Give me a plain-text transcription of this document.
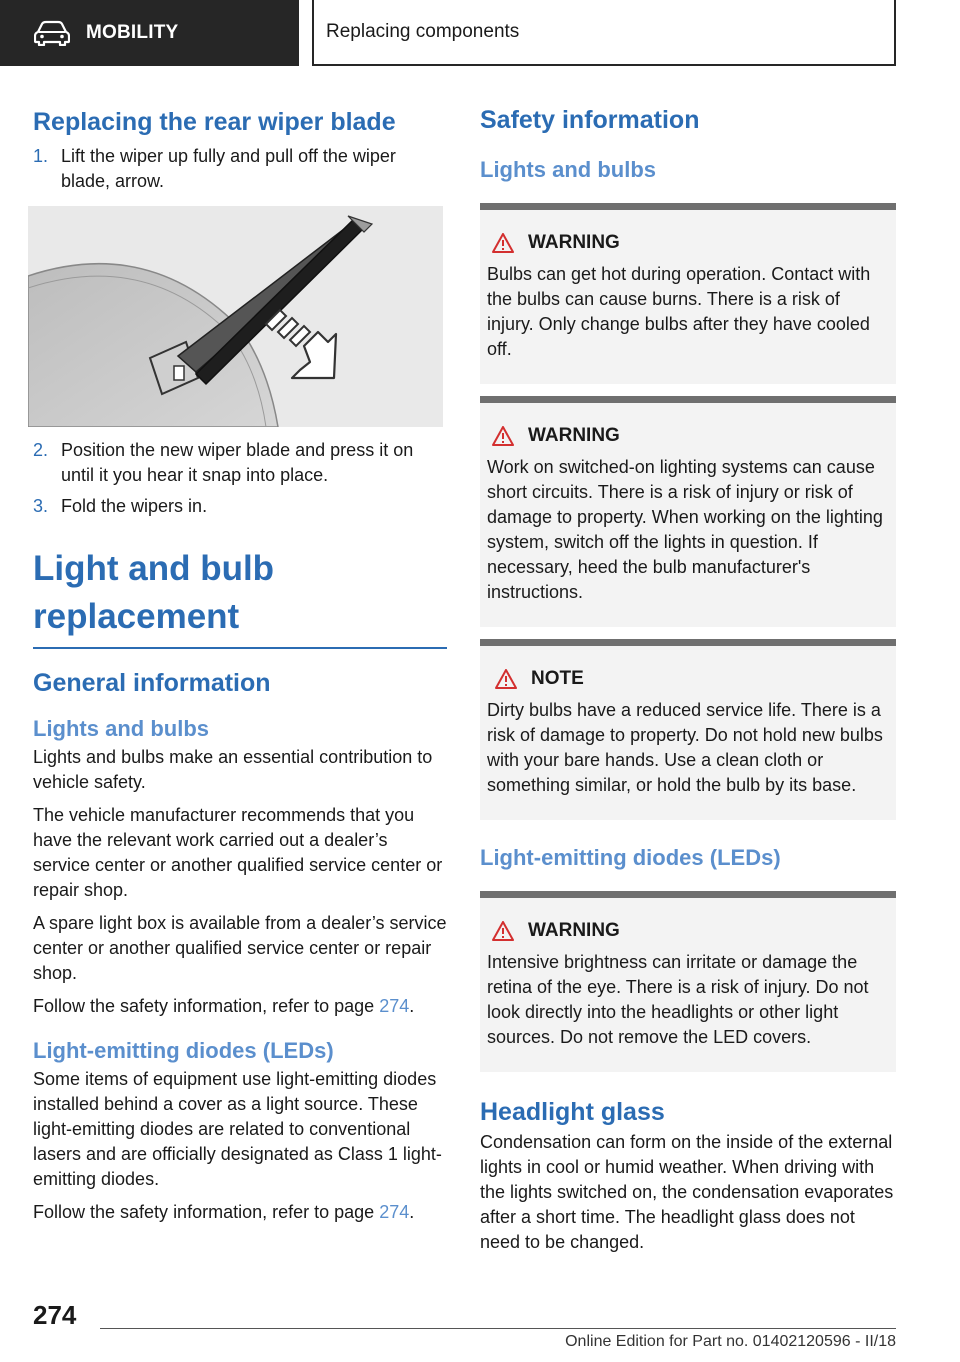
MOBILITY	Replacing components
Replacing the rear wiper blade
1. Lift the wiper up fully and pull off the wiper blade, arrow.
2. Position the new wiper blade and press it on until it you hear it snap into place.
3. Fold the wipers in.
Light and bulb replacement
General information
Lights and bulbs

Lights and bulbs make an essential contribution to vehicle safety.

The vehicle manufacturer recommends that you have the relevant work carried out a dealer’s service center or another qualified service center or repair shop.

A spare light box is available from a dealer’s service center or another qualified service center or repair shop.

Follow the safety information, refer to page 274.

Light-emitting diodes (LEDs)

Some items of equipment use light-emitting diodes installed behind a cover as a light source. These light-emitting diodes are related to conventional lasers and are officially designated as Class 1 light-emitting diodes.

Follow the safety information, refer to page 274.

Safety information
Lights and bulbs
WARNING

Bulbs can get hot during operation. Contact with the bulbs can cause burns. There is a risk of injury. Only change bulbs after they have cooled off.

WARNING

Work on switched-on lighting systems can cause short circuits. There is a risk of injury or risk of damage to property. When working on the lighting system, switch off the lights in question. If necessary, heed the bulb manufacturer's instructions.

NOTE

Dirty bulbs have a reduced service life. There is a risk of damage to property. Do not hold new bulbs with your bare hands. Use a clean cloth or something similar, or hold the bulb by its base.

Light-emitting diodes (LEDs)
WARNING

Intensive brightness can irritate or damage the retina of the eye. There is a risk of injury. Do not look directly into the headlights or other light sources. Do not remove the LED covers.

Headlight glass

Condensation can form on the inside of the external lights in cool or humid weather. When driving with the lights switched on, the condensation evaporates after a short time. The headlight glass does not need to be changed.

274
Online Edition for Part no. 01402120596 - II/18
